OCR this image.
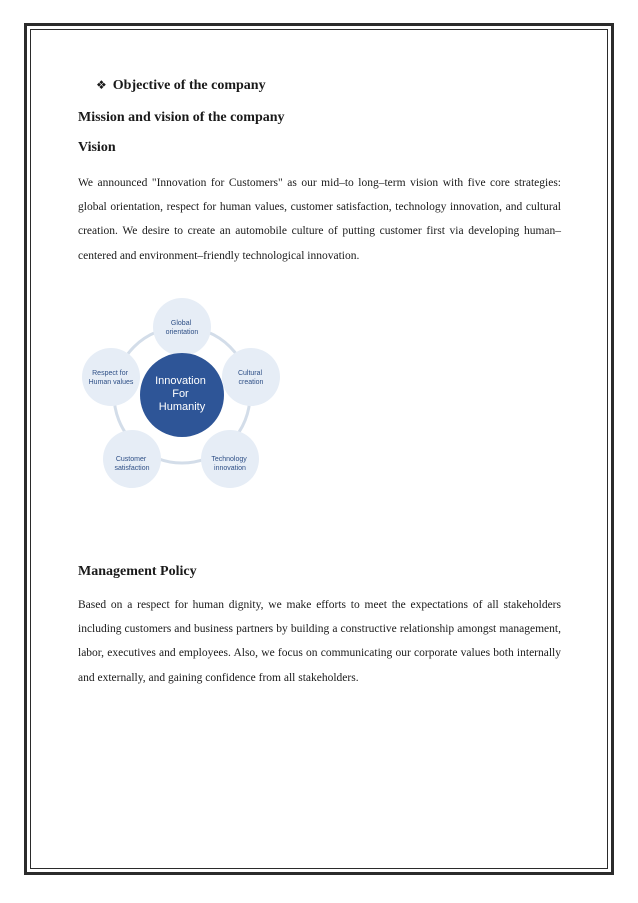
❖ Objective of the company
Mission and vision of the company
Vision

We announced "Innovation for Customers" as our mid–to long–term vision with five core strategies: global orientation, respect for human values, customer satisfaction, technology innovation, and cultural creation. We desire to create an automobile culture of putting customer first via developing human–centered and environment–friendly technological innovation.

Global orientation
Cultural creation
Technology innovation
Customer satisfaction
Respect for Human values Innovation For Humanity
Management Policy

Based on a respect for human dignity, we make efforts to meet the expectations of all stakeholders including customers and business partners by building a constructive relationship amongst management, labor, executives and employees. Also, we focus on communicating our corporate values both internally and externally, and gaining confidence from all stakeholders.
